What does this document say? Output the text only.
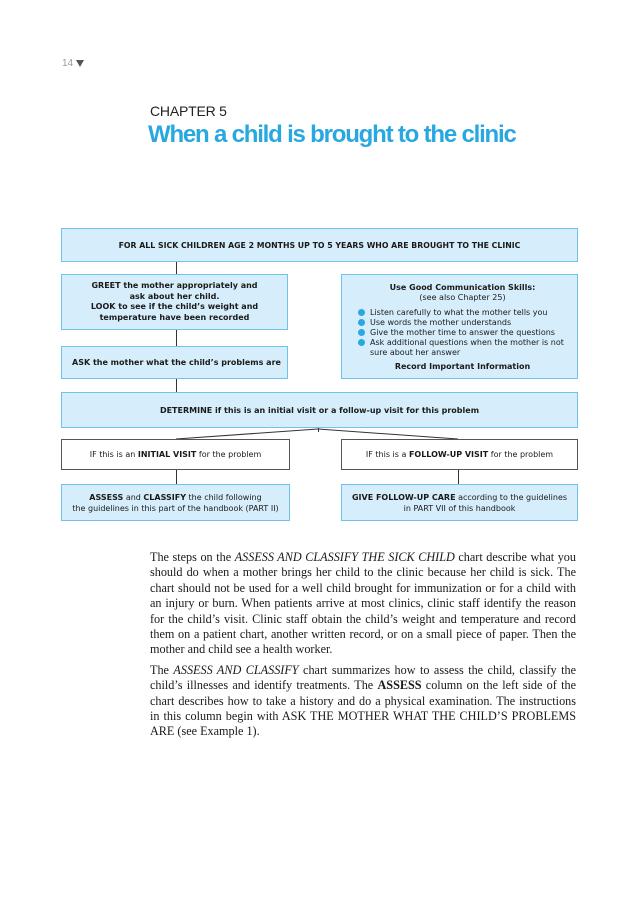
14
CHAPTER 5
When a child is brought to the clinic
FOR ALL SICK CHILDREN AGE 2 MONTHS UP TO 5 YEARS WHO ARE BROUGHT TO THE CLINIC
GREET the mother appropriately and
ask about her child.
LOOK to see if the child’s weight and
temperature have been recorded
ASK the mother what the child’s problems are
Use Good Communication Skills:
(see also Chapter 25)
Listen carefully to what the mother tells you
Use words the mother understands
Give the mother time to answer the questions
Ask additional questions when the mother is not sure about her answer
Record Important Information
DETERMINE if this is an initial visit or a follow-up visit for this problem
IF this is an INITIAL VISIT for the problem	IF this is a FOLLOW-UP VISIT for the problem
ASSESS and CLASSIFY the child following
the guidelines in this part of the handbook (PART II)
GIVE FOLLOW-UP CARE according to the guidelines
in PART VII of this handbook

The steps on the ASSESS AND CLASSIFY THE SICK CHILD chart describe what you should do when a mother brings her child to the clinic because her child is sick. The chart should not be used for a well child brought for immunization or for a child with an injury or burn. When patients arrive at most clinics, clinic staff identify the reason for the child’s visit. Clinic staff obtain the child’s weight and temperature and record them on a patient chart, another written record, or on a small piece of paper. Then the mother and child see a health worker.

The ASSESS AND CLASSIFY chart summarizes how to assess the child, classify the child’s illnesses and identify treatments. The ASSESS column on the left side of the chart describes how to take a history and do a physical examination. The instructions in this column begin with ASK THE MOTHER WHAT THE CHILD’S PROBLEMS ARE (see Example 1).
